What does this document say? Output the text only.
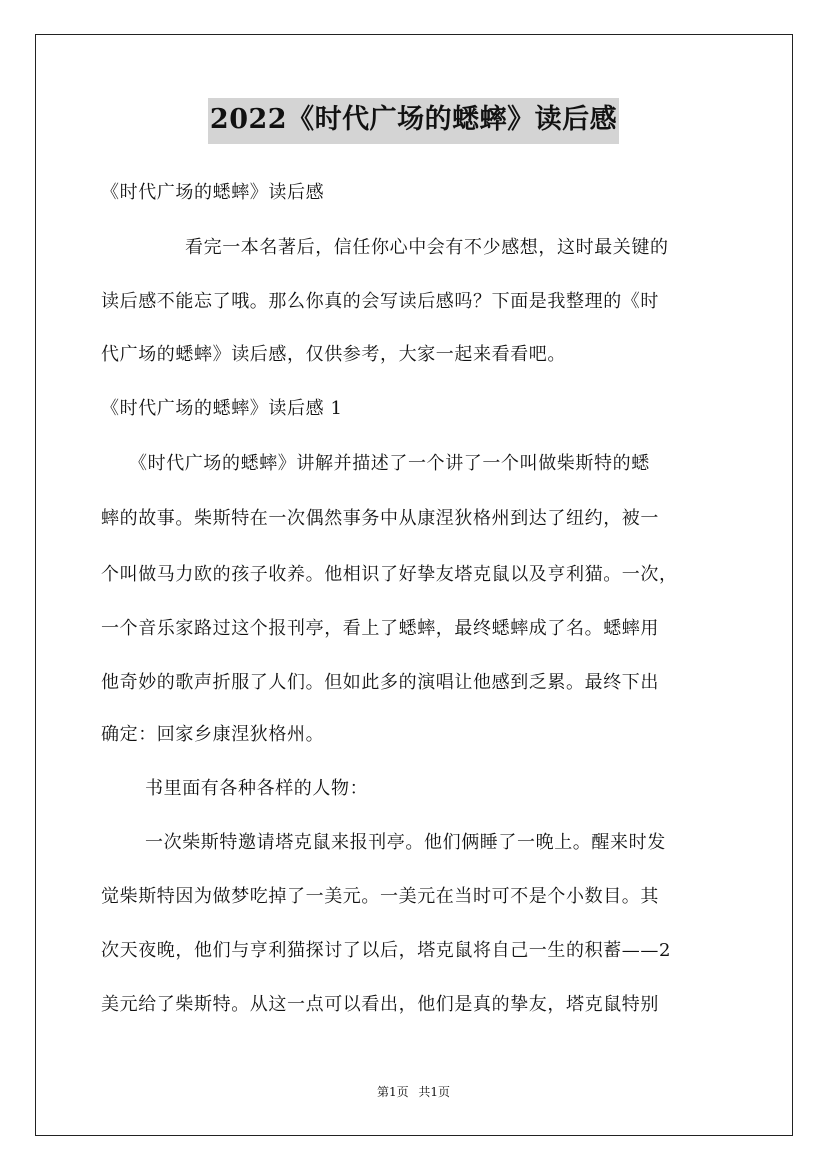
2022《时代广场的蟋蟀》读后感
《时代广场的蟋蟀》读后感
看完一本名著后，信任你心中会有不少感想，这时最关键的
读后感不能忘了哦。那么你真的会写读后感吗？下面是我整理的《时
代广场的蟋蟀》读后感，仅供参考，大家一起来看看吧。
《时代广场的蟋蟀》读后感 1
《时代广场的蟋蟀》讲解并描述了一个讲了一个叫做柴斯特的蟋
蟀的故事。柴斯特在一次偶然事务中从康涅狄格州到达了纽约，被一
个叫做马力欧的孩子收养。他相识了好挚友塔克鼠以及亨利猫。一次，
一个音乐家路过这个报刊亭，看上了蟋蟀，最终蟋蟀成了名。蟋蟀用
他奇妙的歌声折服了人们。但如此多的演唱让他感到乏累。最终下出
确定：回家乡康涅狄格州。
书里面有各种各样的人物：
一次柴斯特邀请塔克鼠来报刊亭。他们俩睡了一晚上。醒来时发
觉柴斯特因为做梦吃掉了一美元。一美元在当时可不是个小数目。其
次天夜晚，他们与亨利猫探讨了以后，塔克鼠将自己一生的积蓄——2
美元给了柴斯特。从这一点可以看出，他们是真的挚友，塔克鼠特别
第1页 共1页
